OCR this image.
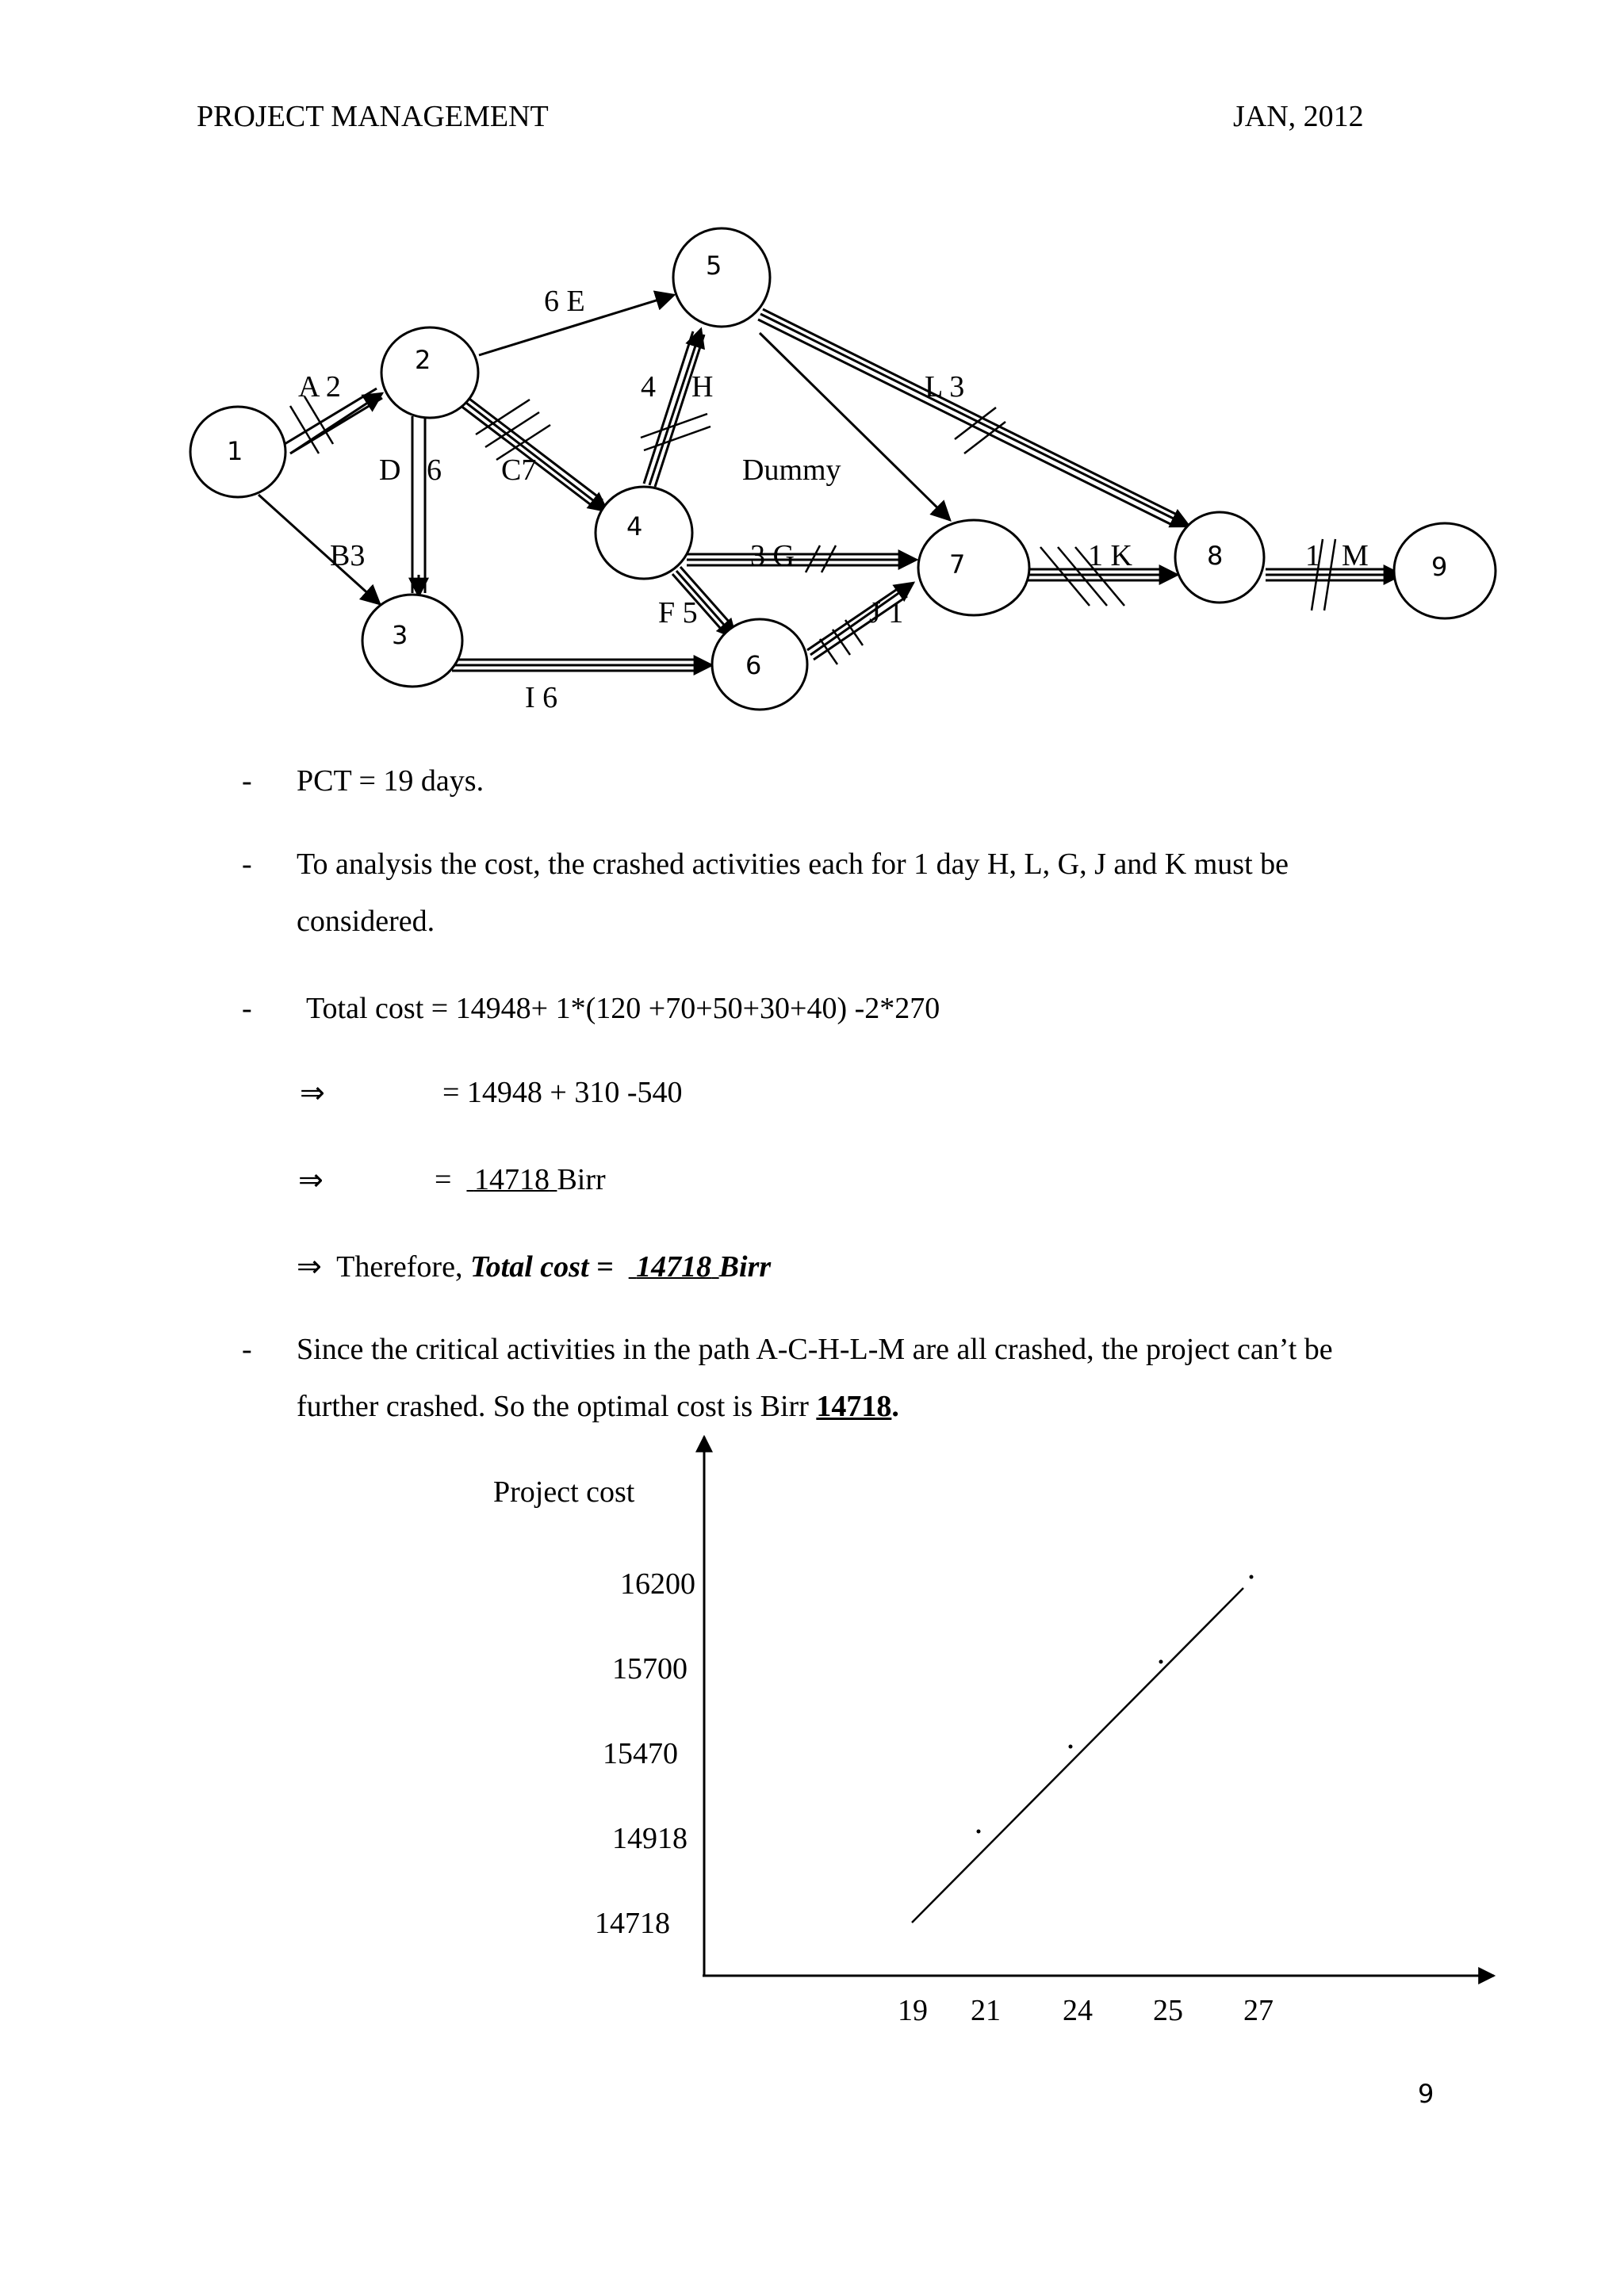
PROJECT MANAGEMENT	JAN, 2012
1
2
3
4
5
6
7	8	9
A 2
B3
D 6 C7
6 E
4 H
Dummy
3 G
F 5
I 6
J 1
L 3
1 K	1 M
- PCT = 19 days.
- To analysis the cost, the crashed activities each for 1 day H, L, G, J and K must be
considered.
- Total cost = 14948+ 1*(120 +70+50+30+40) -2*270
⇒	= 14948 + 310 -540
⇒	= 14718 Birr
⇒ Therefore, Total cost = 14718 Birr
- Since the critical activities in the path A-C-H-L-M are all crashed, the project can’t be
further crashed. So the optimal cost is Birr 14718.
Project cost
19 21 24 25 27
16200
15700
15470
14918
14718
9
